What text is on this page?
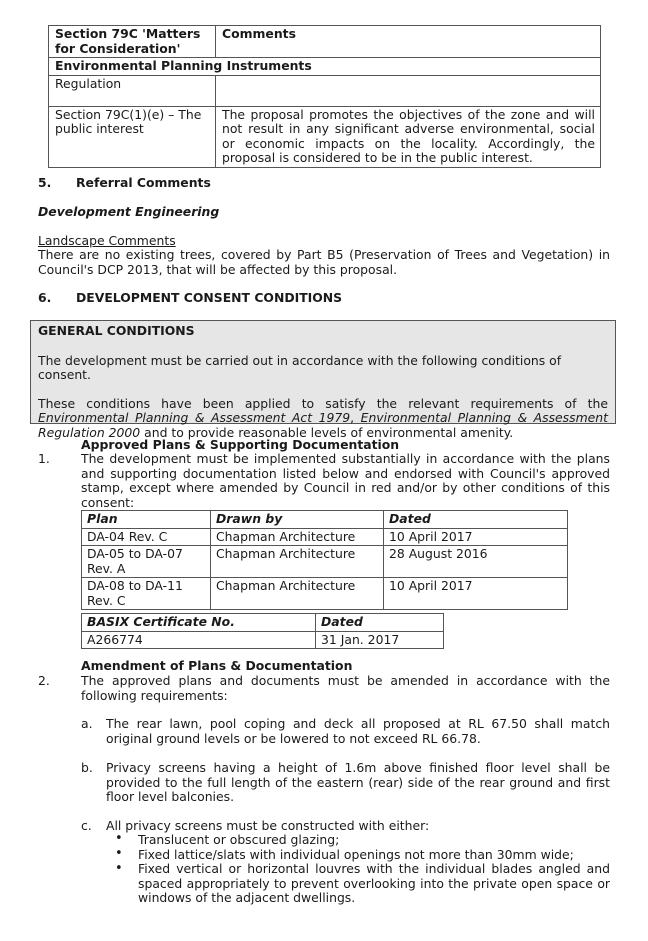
Section 79C 'Matters for Consideration'	Comments
Environmental Planning Instruments	
Regulation	
Section 79C(1)(e) – The public interest	The proposal promotes the objectives of the zone and will not result in any significant adverse environmental, social or economic impacts on the locality. Accordingly, the proposal is considered to be in the public interest.
5. Referral Comments
Development Engineering
Landscape Comments
There are no existing trees, covered by Part B5 (Preservation of Trees and Vegetation) in Council's DCP 2013, that will be affected by this proposal.
6. DEVELOPMENT CONSENT CONDITIONS
GENERAL CONDITIONS
The development must be carried out in accordance with the following conditions of consent.
These conditions have been applied to satisfy the relevant requirements of the Environmental Planning & Assessment Act 1979, Environmental Planning & Assessment Regulation 2000 and to provide reasonable levels of environmental amenity.
Approved Plans & Supporting Documentation
1.	The development must be implemented substantially in accordance with the plans and supporting documentation listed below and endorsed with Council's approved stamp, except where amended by Council in red and/or by other conditions of this consent:
Plan	Drawn by	Dated
DA-04 Rev. C	Chapman Architecture	10 April 2017
DA-05 to DA-07 Rev. A	Chapman Architecture	28 August 2016
DA-08 to DA-11 Rev. C	Chapman Architecture	10 April 2017
BASIX Certificate No.	Dated
A266774	31 Jan. 2017
Amendment of Plans & Documentation
2.	The approved plans and documents must be amended in accordance with the following requirements:
a. The rear lawn, pool coping and deck all proposed at RL 67.50 shall match original ground levels or be lowered to not exceed RL 66.78.
b. Privacy screens having a height of 1.6m above finished floor level shall be provided to the full length of the eastern (rear) side of the rear ground and first floor level balconies.
c. All privacy screens must be constructed with either:
• Translucent or obscured glazing;
• Fixed lattice/slats with individual openings not more than 30mm wide;
• Fixed vertical or horizontal louvres with the individual blades angled and spaced appropriately to prevent overlooking into the private open space or windows of the adjacent dwellings.
